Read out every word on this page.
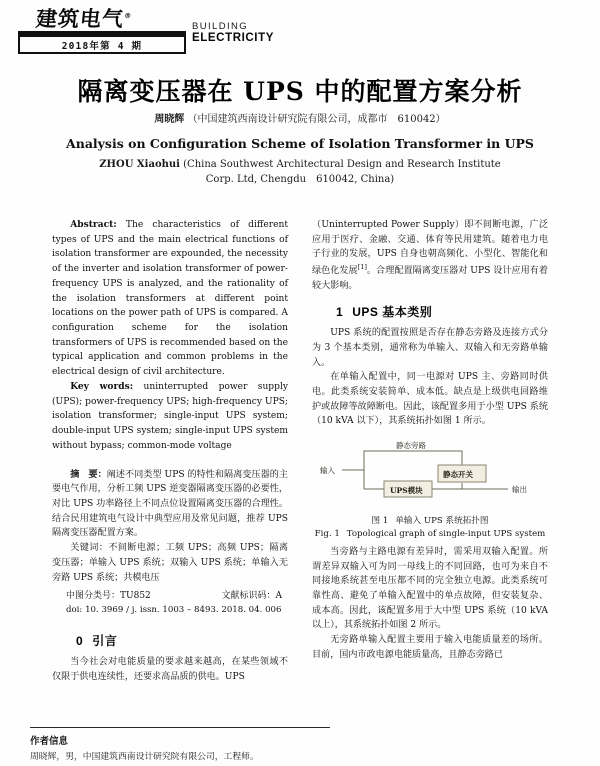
建筑电气®
2018年第 4 期
BUILDING
ELECTRICITY
隔离变压器在 UPS 中的配置方案分析
周晓辉 （中国建筑西南设计研究院有限公司，成都市　610042）
Analysis on Configuration Scheme of Isolation Transformer in UPS
ZHOU Xiaohui (China Southwest Architectural Design and Research Institute
Corp. Ltd, Chengdu　610042, China)

Abstract: The characteristics of different types of UPS and the main electrical functions of isolation transformer are expounded, the necessity of the inverter and isolation transformer of power-frequency UPS is analyzed, and the rationality of the isolation transformers at different point locations on the power path of UPS is compared. A configuration scheme for the isolation transformers of UPS is recommended based on the typical application and common problems in the electrical design of civil architecture.

Key words: uninterrupted power supply (UPS); power-frequency UPS; high-frequency UPS; isolation transformer; single-input UPS system; double-input UPS system; single-input UPS system without bypass; common-mode voltage

摘　要：阐述不同类型 UPS 的特性和隔离变压器的主要电气作用，分析工频 UPS 逆变器隔离变压器的必要性，对比 UPS 功率路径上不同点位设置隔离变压器的合理性。结合民用建筑电气设计中典型应用及常见问题，推荐 UPS 隔离变压器配置方案。

关键词：不间断电源；工频 UPS；高频 UPS；隔离变压器；单输入 UPS 系统；双输入 UPS 系统；单输入无旁路 UPS 系统；共模电压

中图分类号：TU852	文献标识码：A

doi: 10. 3969 / j. issn. 1003 – 8493. 2018. 04. 006

0 引言

当今社会对电能质量的要求越来越高，在某些领域不仅限于供电连续性，还要求高品质的供电。UPS

（Uninterrupted Power Supply）即不间断电源，广泛应用于医疗、金融、交通、体育等民用建筑。随着电力电子行业的发展，UPS 自身也朝高频化、小型化、智能化和绿色化发展[1]。合理配置隔离变压器对 UPS 设计应用有着较大影响。

1 UPS 基本类别

UPS 系统的配置按照是否存在静态旁路及连接方式分为 3 个基本类别，通常称为单输入、双输入和无旁路单输入。

在单输入配置中，同一电源对 UPS 主、旁路同时供电。此类系统安装简单、成本低。缺点是上级供电回路维护或故障等故障断电。因此，该配置多用于小型 UPS 系统（10 kVA 以下），其系统拓扑如图 1 所示。

静态旁路
输入	静态开关
UPS模块	输出
图 1 单输入 UPS 系统拓扑图
Fig. 1 Topological graph of single-input UPS system

当旁路与主路电源有差异时，需采用双输入配置。所谓差异双输入可为同一母线上的不同回路，也可为来自不同接地系统甚至电压都不同的完全独立电源。此类系统可靠性高、避免了单输入配置中的单点故障，但安装复杂、成本高。因此，该配置多用于大中型 UPS 系统（10 kVA 以上），其系统拓扑如图 2 所示。

无旁路单输入配置主要用于输入电能质量差的场所。目前，国内市政电源电能质量高，且静态旁路已

作者信息
周晓辉，男，中国建筑西南设计研究院有限公司，工程师。
